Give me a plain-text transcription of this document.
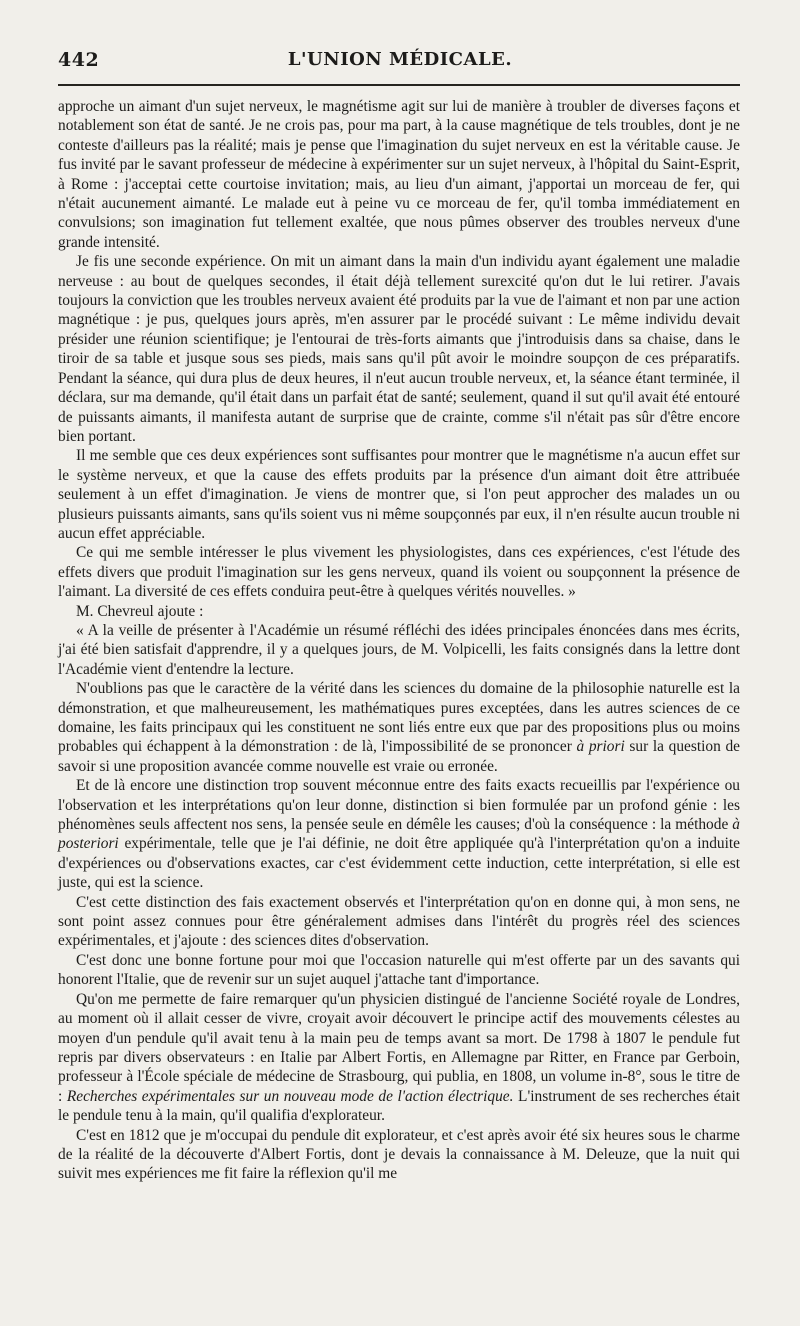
442	L'UNION MÉDICALE.

approche un aimant d'un sujet nerveux, le magnétisme agit sur lui de manière à troubler de diverses façons et notablement son état de santé. Je ne crois pas, pour ma part, à la cause magnétique de tels troubles, dont je ne conteste d'ailleurs pas la réalité; mais je pense que l'imagination du sujet nerveux en est la véritable cause. Je fus invité par le savant professeur de médecine à expérimenter sur un sujet nerveux, à l'hôpital du Saint-Esprit, à Rome : j'acceptai cette courtoise invitation; mais, au lieu d'un aimant, j'apportai un morceau de fer, qui n'était aucunement aimanté. Le malade eut à peine vu ce morceau de fer, qu'il tomba immédiatement en convulsions; son imagination fut tellement exaltée, que nous pûmes observer des troubles nerveux d'une grande intensité.

Je fis une seconde expérience. On mit un aimant dans la main d'un individu ayant également une maladie nerveuse : au bout de quelques secondes, il était déjà tellement surexcité qu'on dut le lui retirer. J'avais toujours la conviction que les troubles nerveux avaient été produits par la vue de l'aimant et non par une action magnétique : je pus, quelques jours après, m'en assurer par le procédé suivant : Le même individu devait présider une réunion scientifique; je l'entourai de très-forts aimants que j'introduisis dans sa chaise, dans le tiroir de sa table et jusque sous ses pieds, mais sans qu'il pût avoir le moindre soupçon de ces préparatifs. Pendant la séance, qui dura plus de deux heures, il n'eut aucun trouble nerveux, et, la séance étant terminée, il déclara, sur ma demande, qu'il était dans un parfait état de santé; seulement, quand il sut qu'il avait été entouré de puissants aimants, il manifesta autant de surprise que de crainte, comme s'il n'était pas sûr d'être encore bien portant.

Il me semble que ces deux expériences sont suffisantes pour montrer que le magnétisme n'a aucun effet sur le système nerveux, et que la cause des effets produits par la présence d'un aimant doit être attribuée seulement à un effet d'imagination. Je viens de montrer que, si l'on peut approcher des malades un ou plusieurs puissants aimants, sans qu'ils soient vus ni même soupçonnés par eux, il n'en résulte aucun trouble ni aucun effet appréciable.

Ce qui me semble intéresser le plus vivement les physiologistes, dans ces expériences, c'est l'étude des effets divers que produit l'imagination sur les gens nerveux, quand ils voient ou soupçonnent la présence de l'aimant. La diversité de ces effets conduira peut-être à quelques vérités nouvelles. »

M. Chevreul ajoute :

« A la veille de présenter à l'Académie un résumé réfléchi des idées principales énoncées dans mes écrits, j'ai été bien satisfait d'apprendre, il y a quelques jours, de M. Volpicelli, les faits consignés dans la lettre dont l'Académie vient d'entendre la lecture.

N'oublions pas que le caractère de la vérité dans les sciences du domaine de la philosophie naturelle est la démonstration, et que malheureusement, les mathématiques pures exceptées, dans les autres sciences de ce domaine, les faits principaux qui les constituent ne sont liés entre eux que par des propositions plus ou moins probables qui échappent à la démonstration : de là, l'impossibilité de se prononcer à priori sur la question de savoir si une proposition avancée comme nouvelle est vraie ou erronée.

Et de là encore une distinction trop souvent méconnue entre des faits exacts recueillis par l'expérience ou l'observation et les interprétations qu'on leur donne, distinction si bien formulée par un profond génie : les phénomènes seuls affectent nos sens, la pensée seule en démêle les causes; d'où la conséquence : la méthode à posteriori expérimentale, telle que je l'ai définie, ne doit être appliquée qu'à l'interprétation qu'on a induite d'expériences ou d'observations exactes, car c'est évidemment cette induction, cette interprétation, si elle est juste, qui est la science.

C'est cette distinction des fais exactement observés et l'interprétation qu'on en donne qui, à mon sens, ne sont point assez connues pour être généralement admises dans l'intérêt du progrès réel des sciences expérimentales, et j'ajoute : des sciences dites d'observation.

C'est donc une bonne fortune pour moi que l'occasion naturelle qui m'est offerte par un des savants qui honorent l'Italie, que de revenir sur un sujet auquel j'attache tant d'importance.

Qu'on me permette de faire remarquer qu'un physicien distingué de l'ancienne Société royale de Londres, au moment où il allait cesser de vivre, croyait avoir découvert le principe actif des mouvements célestes au moyen d'un pendule qu'il avait tenu à la main peu de temps avant sa mort. De 1798 à 1807 le pendule fut repris par divers observateurs : en Italie par Albert Fortis, en Allemagne par Ritter, en France par Gerboin, professeur à l'École spéciale de médecine de Strasbourg, qui publia, en 1808, un volume in-8°, sous le titre de : Recherches expérimentales sur un nouveau mode de l'action électrique. L'instrument de ses recherches était le pendule tenu à la main, qu'il qualifia d'explorateur.

C'est en 1812 que je m'occupai du pendule dit explorateur, et c'est après avoir été six heures sous le charme de la réalité de la découverte d'Albert Fortis, dont je devais la connaissance à M. Deleuze, que la nuit qui suivit mes expériences me fit faire la réflexion qu'il me
